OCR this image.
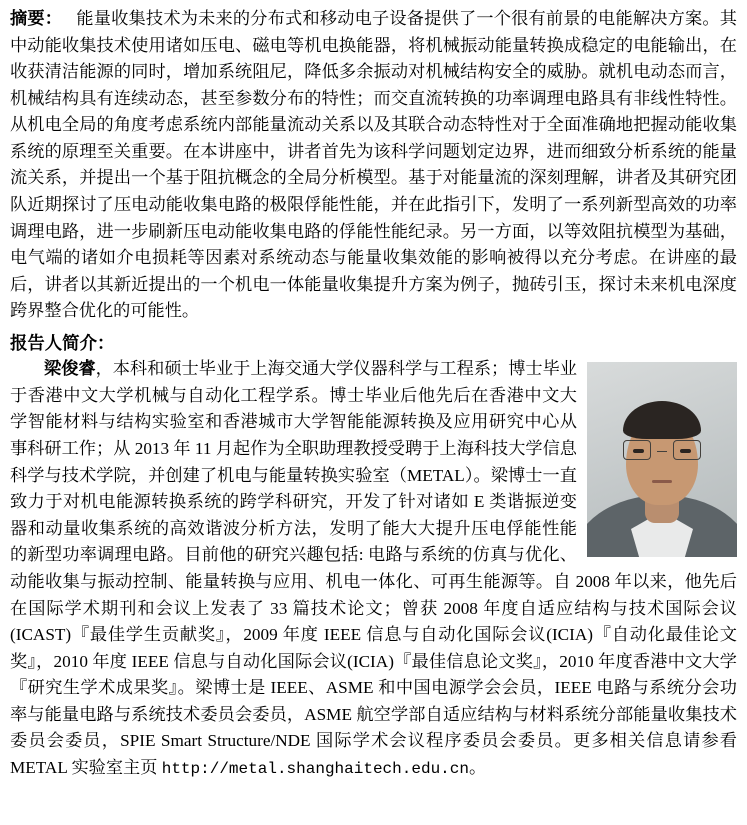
摘要： 能量收集技术为未来的分布式和移动电子设备提供了一个很有前景的电能解决方案。其中动能收集技术使用诸如压电、磁电等机电换能器，将机械振动能量转换成稳定的电能输出，在收获清洁能源的同时，增加系统阻尼，降低多余振动对机械结构安全的威胁。就机电动态而言，机械结构具有连续动态，甚至参数分布的特性；而交直流转换的功率调理电路具有非线性特性。从机电全局的角度考虑系统内部能量流动关系以及其联合动态特性对于全面准确地把握动能收集系统的原理至关重要。在本讲座中，讲者首先为该科学问题划定边界，进而细致分析系统的能量流关系，并提出一个基于阻抗概念的全局分析模型。基于对能量流的深刻理解，讲者及其研究团队近期探讨了压电动能收集电路的极限俘能性能，并在此指引下，发明了一系列新型高效的功率调理电路，进一步刷新压电动能收集电路的俘能性能纪录。另一方面，以等效阻抗模型为基础，电气端的诸如介电损耗等因素对系统动态与能量收集效能的影响被得以充分考虑。在讲座的最后，讲者以其新近提出的一个机电一体能量收集提升方案为例子，抛砖引玉，探讨未来机电深度跨界整合优化的可能性。
报告人简介：
梁俊睿，本科和硕士毕业于上海交通大学仪器科学与工程系；博士毕业于香港中文大学机械与自动化工程学系。博士毕业后他先后在香港中文大学智能材料与结构实验室和香港城市大学智能能源转换及应用研究中心从事科研工作；从 2013 年 11 月起作为全职助理教授受聘于上海科技大学信息科学与技术学院，并创建了机电与能量转换实验室（METAL）。梁博士一直致力于对机电能源转换系统的跨学科研究，开发了针对诸如 E 类谐振逆变器和动量收集系统的高效谐波分析方法，发明了能大大提升压电俘能性能的新型功率调理电路。目前他的研究兴趣包括: 电路与系统的仿真与优化、动能收集与振动控制、能量转换与应用、机电一体化、可再生能源等。自 2008 年以来，他先后在国际学术期刊和会议上发表了 33 篇技术论文；曾获 2008 年度自适应结构与技术国际会议(ICAST)『最佳学生贡献奖』，2009 年度 IEEE 信息与自动化国际会议(ICIA)『自动化最佳论文奖』，2010 年度 IEEE 信息与自动化国际会议(ICIA)『最佳信息论文奖』，2010 年度香港中文大学『研究生学术成果奖』。梁博士是 IEEE、ASME 和中国电源学会会员，IEEE 电路与系统分会功率与能量电路与系统技术委员会委员，ASME 航空学部自适应结构与材料系统分部能量收集技术委员会委员，SPIE Smart Structure/NDE 国际学术会议程序委员会委员。更多相关信息请参看 METAL 实验室主页 http://metal.shanghaitech.edu.cn。
